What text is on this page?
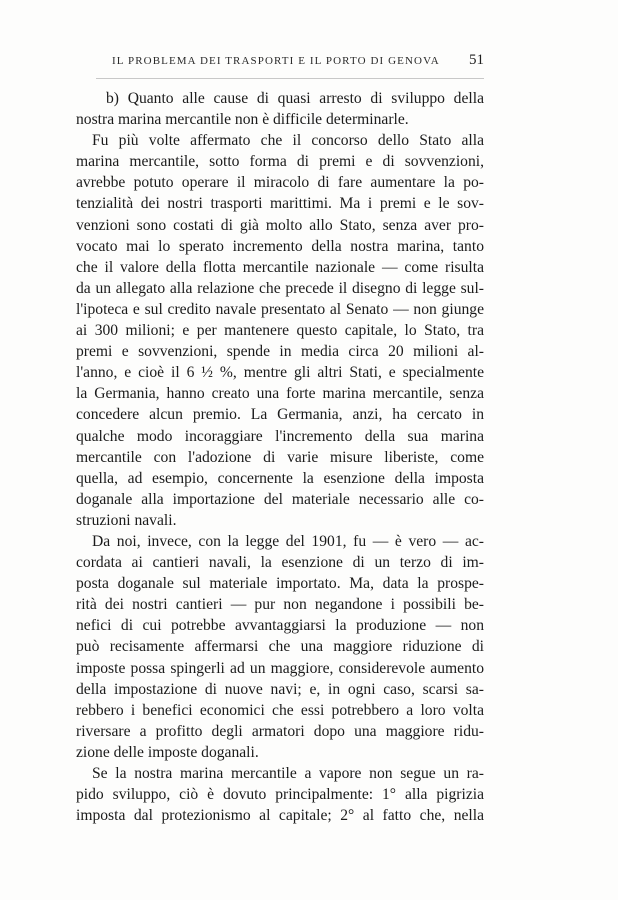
IL PROBLEMA DEI TRASPORTI E IL PORTO DI GENOVA 51
b) Quanto alle cause di quasi arresto di sviluppo della
nostra marina mercantile non è difficile determinarle.
Fu più volte affermato che il concorso dello Stato alla
marina mercantile, sotto forma di premi e di sovvenzioni,
avrebbe potuto operare il miracolo di fare aumentare la po-
tenzialità dei nostri trasporti marittimi. Ma i premi e le sov-
venzioni sono costati di già molto allo Stato, senza aver pro-
vocato mai lo sperato incremento della nostra marina, tanto
che il valore della flotta mercantile nazionale — come risulta
da un allegato alla relazione che precede il disegno di legge sul-
l'ipoteca e sul credito navale presentato al Senato — non giunge
ai 300 milioni; e per mantenere questo capitale, lo Stato, tra
premi e sovvenzioni, spende in media circa 20 milioni al-
l'anno, e cioè il 6 ½ %, mentre gli altri Stati, e specialmente
la Germania, hanno creato una forte marina mercantile, senza
concedere alcun premio. La Germania, anzi, ha cercato in
qualche modo incoraggiare l'incremento della sua marina
mercantile con l'adozione di varie misure liberiste, come
quella, ad esempio, concernente la esenzione della imposta
doganale alla importazione del materiale necessario alle co-
struzioni navali.
Da noi, invece, con la legge del 1901, fu — è vero — ac-
cordata ai cantieri navali, la esenzione di un terzo di im-
posta doganale sul materiale importato. Ma, data la prospe-
rità dei nostri cantieri — pur non negandone i possibili be-
nefici di cui potrebbe avvantaggiarsi la produzione — non
può recisamente affermarsi che una maggiore riduzione di
imposte possa spingerli ad un maggiore, considerevole aumento
della impostazione di nuove navi; e, in ogni caso, scarsi sa-
rebbero i benefici economici che essi potrebbero a loro volta
riversare a profitto degli armatori dopo una maggiore ridu-
zione delle imposte doganali.
Se la nostra marina mercantile a vapore non segue un ra-
pido sviluppo, ciò è dovuto principalmente: 1° alla pigrizia
imposta dal protezionismo al capitale; 2° al fatto che, nella
